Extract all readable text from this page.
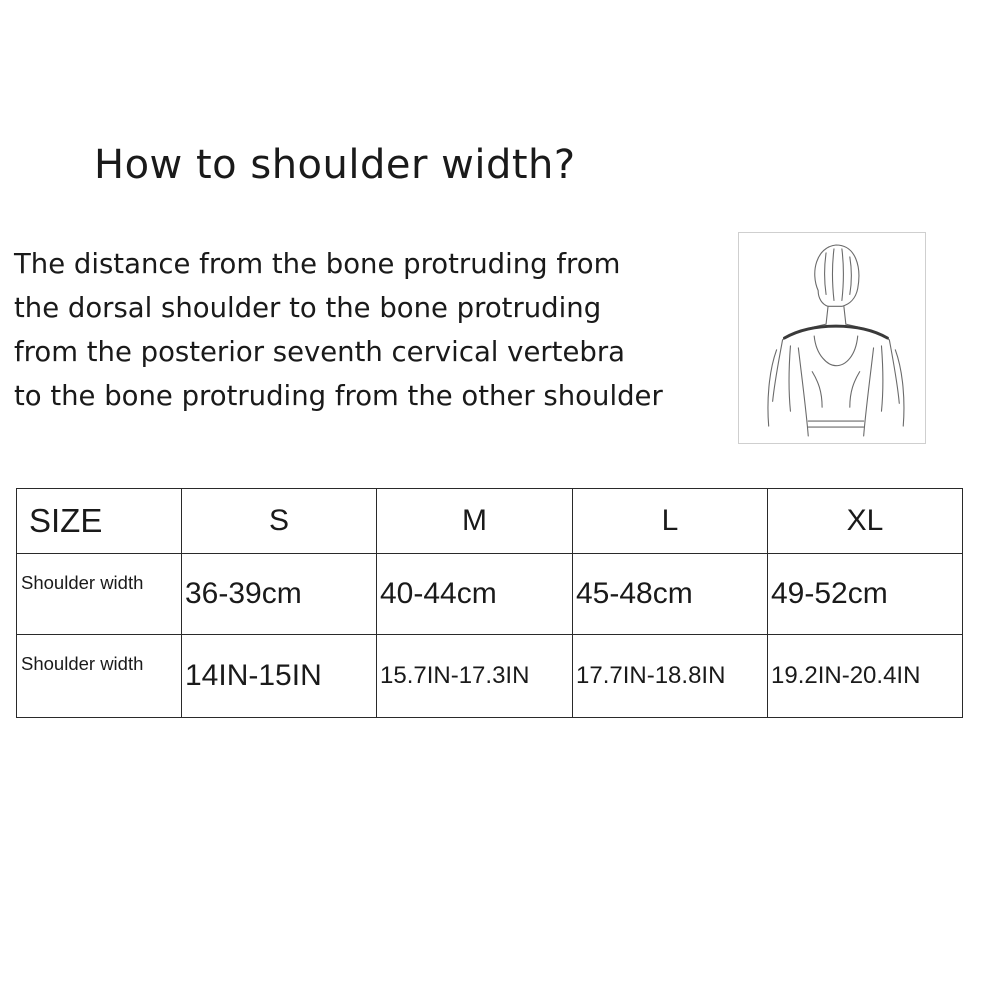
How to shoulder width?
The distance from the bone protruding from
the dorsal shoulder to the bone protruding
from the posterior seventh cervical vertebra
to the bone protruding from the other shoulder
SIZE	S	M	L	XL
Shoulder width	36-39cm	40-44cm	45-48cm	49-52cm
Shoulder width	14IN-15IN	15.7IN-17.3IN	17.7IN-18.8IN	19.2IN-20.4IN
